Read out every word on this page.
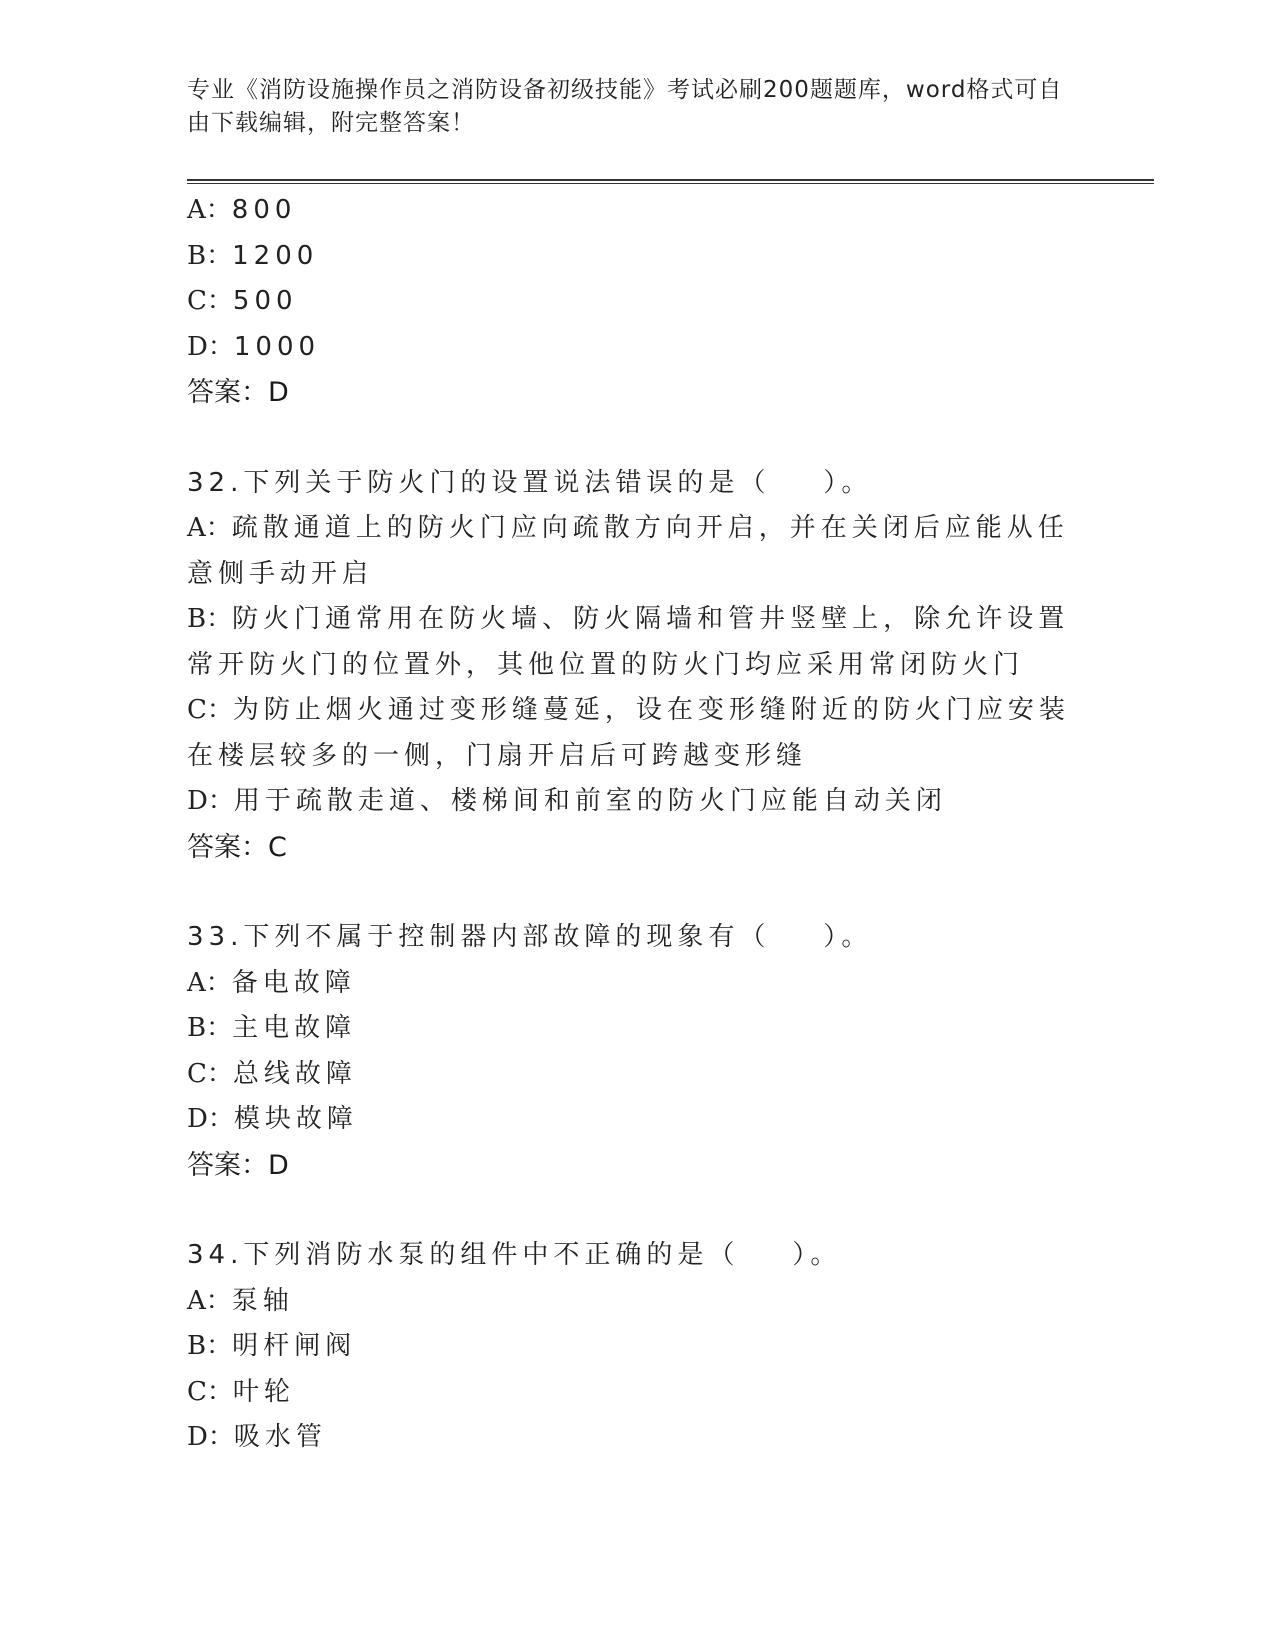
专业《消防设施操作员之消防设备初级技能》考试必刷200题题库，word格式可自由下载编辑，附完整答案！

A：800

B：1200

C：500

D：1000

答案：D

32.下列关于防火门的设置说法错误的是（    ）。

A：疏散通道上的防火门应向疏散方向开启，并在关闭后应能从任意侧手动开启

B：防火门通常用在防火墙、防火隔墙和管井竖壁上，除允许设置常开防火门的位置外，其他位置的防火门均应采用常闭防火门

C：为防止烟火通过变形缝蔓延，设在变形缝附近的防火门应安装在楼层较多的一侧，门扇开启后可跨越变形缝

D：用于疏散走道、楼梯间和前室的防火门应能自动关闭

答案：C

33.下列不属于控制器内部故障的现象有（    ）。

A：备电故障

B：主电故障

C：总线故障

D：模块故障

答案：D

34.下列消防水泵的组件中不正确的是（    ）。

A：泵轴

B：明杆闸阀

C：叶轮

D：吸水管
